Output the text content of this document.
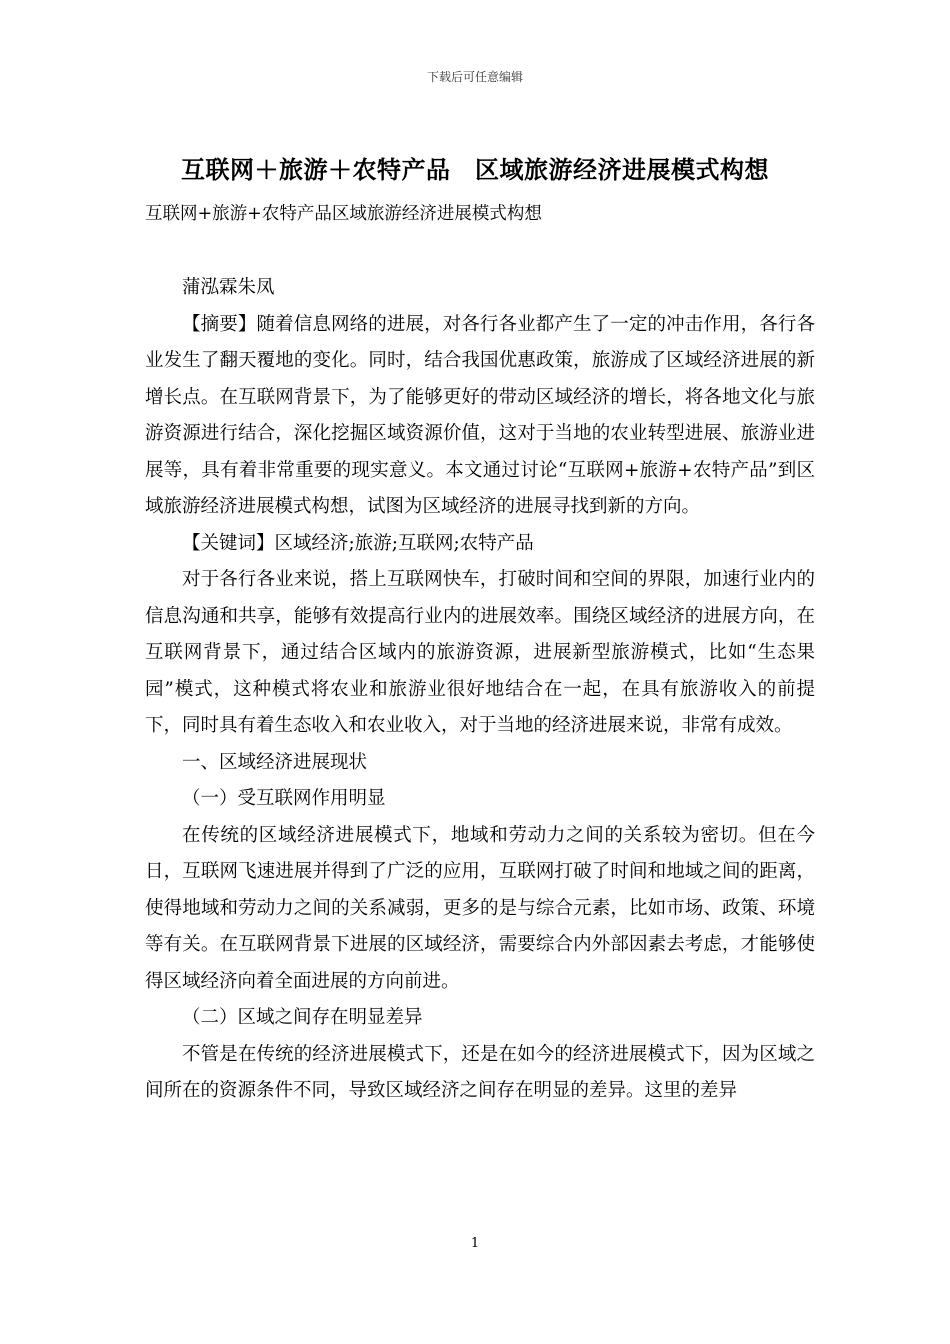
下载后可任意编辑
互联网＋旅游＋农特产品　区域旅游经济进展模式构想
互联网+旅游+农特产品区域旅游经济进展模式构想

蒲泓霖朱凤

【摘要】随着信息网络的进展，对各行各业都产生了一定的冲击作用，各行各业发生了翻天覆地的变化。同时，结合我国优惠政策，旅游成了区域经济进展的新增长点。在互联网背景下，为了能够更好的带动区域经济的增长，将各地文化与旅游资源进行结合，深化挖掘区域资源价值，这对于当地的农业转型进展、旅游业进展等，具有着非常重要的现实意义。本文通过讨论“互联网+旅游+农特产品”到区域旅游经济进展模式构想，试图为区域经济的进展寻找到新的方向。

【关键词】区域经济;旅游;互联网;农特产品

对于各行各业来说，搭上互联网快车，打破时间和空间的界限，加速行业内的信息沟通和共享，能够有效提高行业内的进展效率。围绕区域经济的进展方向，在互联网背景下，通过结合区域内的旅游资源，进展新型旅游模式，比如“生态果园”模式，这种模式将农业和旅游业很好地结合在一起，在具有旅游收入的前提下，同时具有着生态收入和农业收入，对于当地的经济进展来说，非常有成效。

一、区域经济进展现状

（一）受互联网作用明显

在传统的区域经济进展模式下，地域和劳动力之间的关系较为密切。但在今日，互联网飞速进展并得到了广泛的应用，互联网打破了时间和地域之间的距离，使得地域和劳动力之间的关系减弱，更多的是与综合元素，比如市场、政策、环境等有关。在互联网背景下进展的区域经济，需要综合内外部因素去考虑，才能够使得区域经济向着全面进展的方向前进。

（二）区域之间存在明显差异

不管是在传统的经济进展模式下，还是在如今的经济进展模式下，因为区域之间所在的资源条件不同，导致区域经济之间存在明显的差异。这里的差异

1
